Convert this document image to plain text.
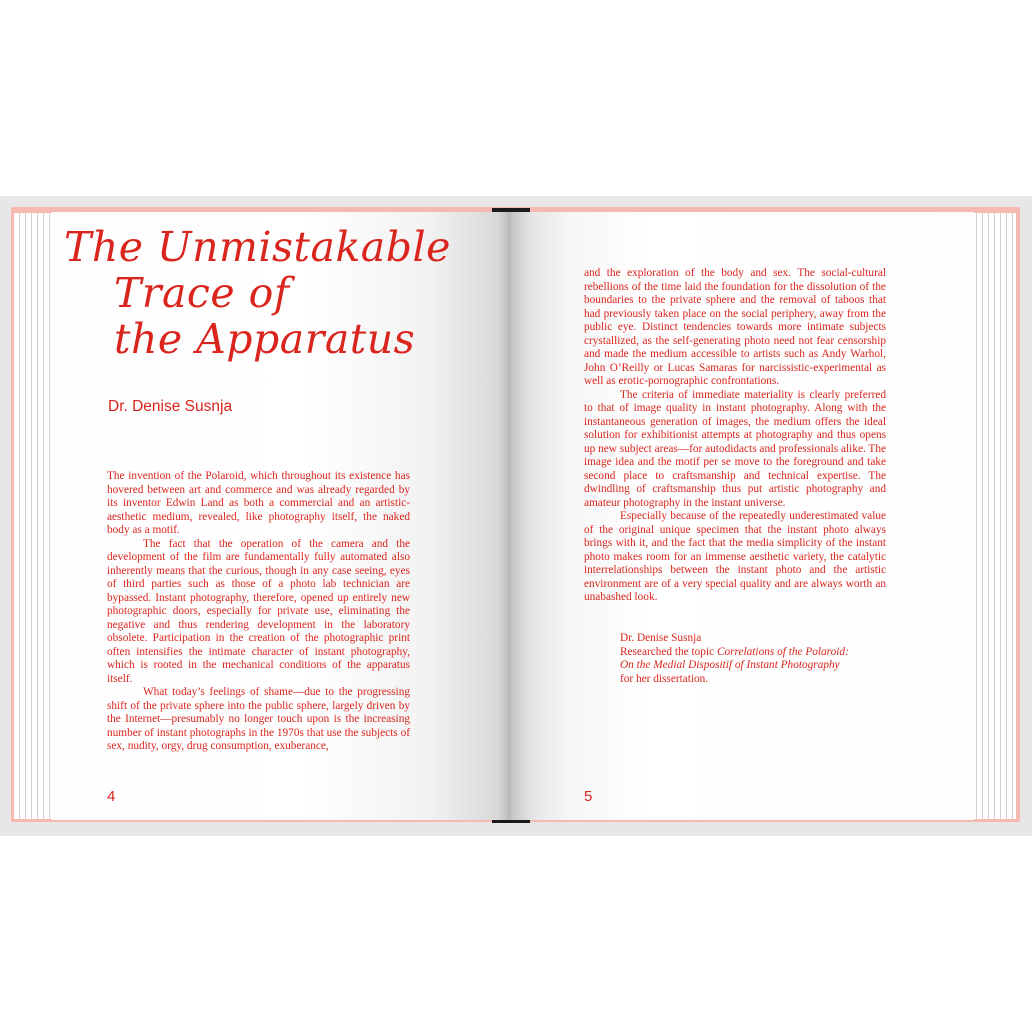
The Unmistakable
Trace of
the Apparatus
Dr. Denise Susnja

The invention of the Polaroid, which throughout its existence has hovered between art and commerce and was already regarded by its inventor Edwin Land as both a commercial and an artistic-aesthetic medium, revealed, like photography itself, the naked body as a motif.

The fact that the operation of the camera and the development of the film are fundamentally fully automated also inherently means that the curious, though in any case seeing, eyes of third parties such as those of a photo lab technician are bypassed. Instant photography, therefore, opened up entirely new photographic doors, especially for private use, eliminating the negative and thus rendering development in the laboratory obsolete. Participation in the creation of the photographic print often intensifies the intimate character of instant photography, which is rooted in the mechanical conditions of the apparatus itself.

What today’s feelings of shame—due to the progressing shift of the private sphere into the public sphere, largely driven by the Internet—presumably no longer touch upon is the increasing number of instant photographs in the 1970s that use the subjects of sex, nudity, orgy, drug consumption, exuberance,

4

and the exploration of the body and sex. The social-cultural rebellions of the time laid the foundation for the dissolution of the boundaries to the private sphere and the removal of taboos that had previously taken place on the social periphery, away from the public eye. Distinct tendencies towards more intimate subjects crystallized, as the self-generating photo need not fear censorship and made the medium accessible to artists such as Andy Warhol, John O’Reilly or Lucas Samaras for narcissistic-experimental as well as erotic-pornographic confrontations.

The criteria of immediate materiality is clearly preferred to that of image quality in instant photography. Along with the instantaneous generation of images, the medium offers the ideal solution for exhibitionist attempts at photography and thus opens up new subject areas—for autodidacts and professionals alike. The image idea and the motif per se move to the foreground and take second place to craftsmanship and technical expertise. The dwindling of craftsmanship thus put artistic photography and amateur photography in the instant universe.

Especially because of the repeatedly underestimated value of the original unique specimen that the instant photo always brings with it, and the fact that the media simplicity of the instant photo makes room for an immense aesthetic variety, the catalytic interrelationships between the instant photo and the artistic environment are of a very special quality and are always worth an unabashed look.

Dr. Denise Susnja
Researched the topic Correlations of the Polaroid:
On the Medial Dispositif of Instant Photography
for her dissertation.
5
